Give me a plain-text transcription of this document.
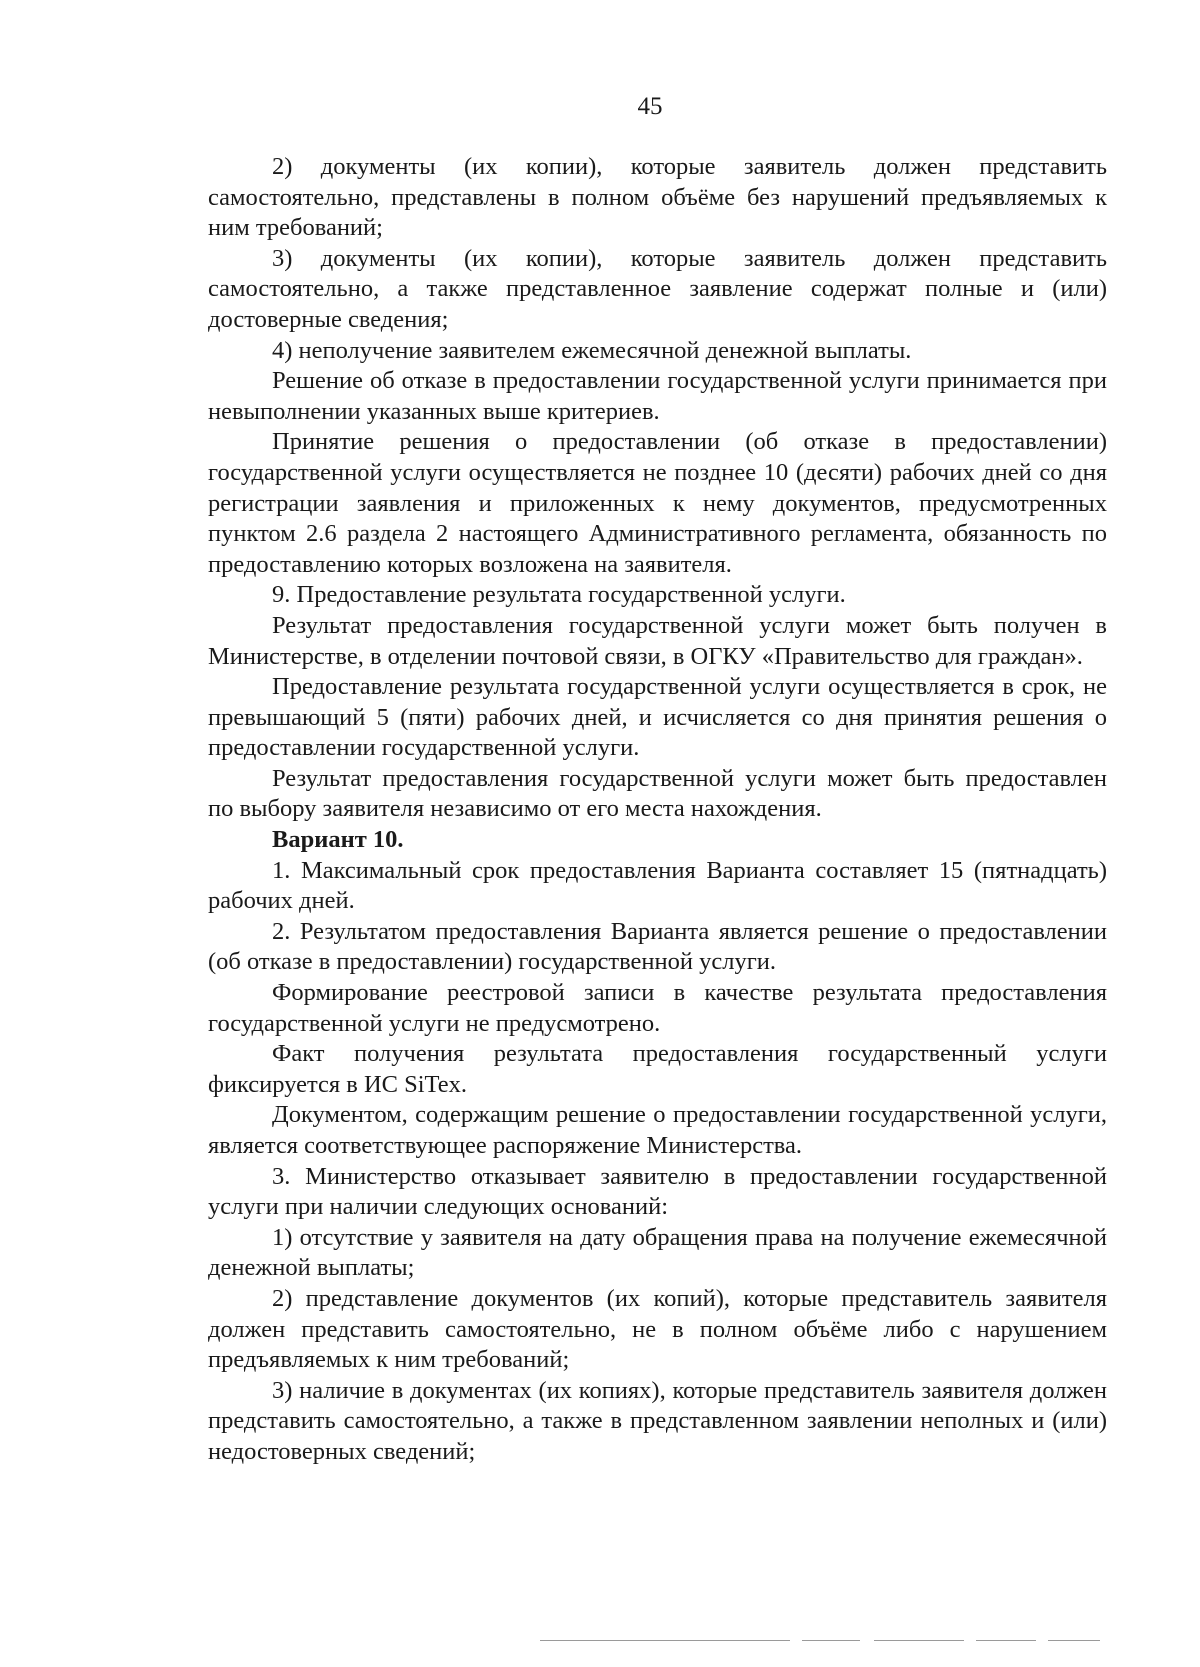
45

2) документы (их копии), которые заявитель должен представить самостоятельно, представлены в полном объёме без нарушений предъявляемых к ним требований;

3) документы (их копии), которые заявитель должен представить самостоятельно, а также представленное заявление содержат полные и (или) достоверные сведения;

4) неполучение заявителем ежемесячной денежной выплаты.

Решение об отказе в предоставлении государственной услуги принимается при невыполнении указанных выше критериев.

Принятие решения о предоставлении (об отказе в предоставлении) государственной услуги осуществляется не позднее 10 (десяти) рабочих дней со дня регистрации заявления и приложенных к нему документов, предусмотренных пунктом 2.6 раздела 2 настоящего Административного регламента, обязанность по предоставлению которых возложена на заявителя.

9. Предоставление результата государственной услуги.

Результат предоставления государственной услуги может быть получен в Министерстве, в отделении почтовой связи, в ОГКУ «Правительство для граждан».

Предоставление результата государственной услуги осуществляется в срок, не превышающий 5 (пяти) рабочих дней, и исчисляется со дня принятия решения о предоставлении государственной услуги.

Результат предоставления государственной услуги может быть предоставлен по выбору заявителя независимо от его места нахождения.

Вариант 10.

1. Максимальный срок предоставления Варианта составляет 15 (пятнадцать) рабочих дней.

2. Результатом предоставления Варианта является решение о предоставлении (об отказе в предоставлении) государственной услуги.

Формирование реестровой записи в качестве результата предоставления государственной услуги не предусмотрено.

Факт получения результата предоставления государственный услуги фиксируется в ИС SiTex.

Документом, содержащим решение о предоставлении государственной услуги, является соответствующее распоряжение Министерства.

3. Министерство отказывает заявителю в предоставлении государственной услуги при наличии следующих оснований:

1) отсутствие у заявителя на дату обращения права на получение ежемесячной денежной выплаты;

2) представление документов (их копий), которые представитель заявителя должен представить самостоятельно, не в полном объёме либо с нарушением предъявляемых к ним требований;

3) наличие в документах (их копиях), которые представитель заявителя должен представить самостоятельно, а также в представленном заявлении неполных и (или) недостоверных сведений;
